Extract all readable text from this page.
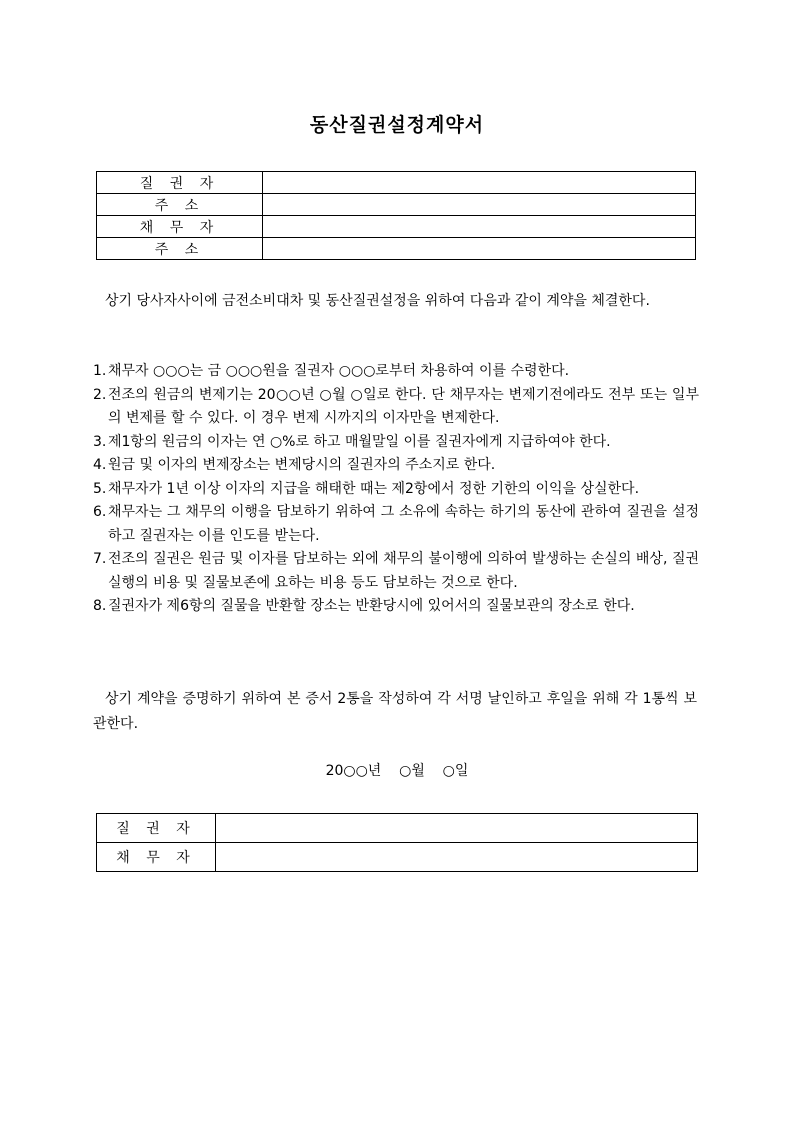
동산질권설정계약서
질 권 자	
주 소	
채 무 자	
주 소	
상기 당사자사이에 금전소비대차 및 동산질권설정을 위하여 다음과 같이 계약을 체결한다.
1. 채무자 ○○○는 금 ○○○원을 질권자 ○○○로부터 차용하여 이를 수령한다.
2. 전조의 원금의 변제기는 20○○년 ○월 ○일로 한다. 단 채무자는 변제기전에라도 전부 또는 일부의 변제를 할 수 있다. 이 경우 변제 시까지의 이자만을 변제한다.
3. 제1항의 원금의 이자는 연 ○%로 하고 매월말일 이를 질권자에게 지급하여야 한다.
4. 원금 및 이자의 변제장소는 변제당시의 질권자의 주소지로 한다.
5. 채무자가 1년 이상 이자의 지급을 해태한 때는 제2항에서 정한 기한의 이익을 상실한다.
6. 채무자는 그 채무의 이행을 담보하기 위하여 그 소유에 속하는 하기의 동산에 관하여 질권을 설정하고 질권자는 이를 인도를 받는다.
7. 전조의 질권은 원금 및 이자를 담보하는 외에 채무의 불이행에 의하여 발생하는 손실의 배상, 질권실행의 비용 및 질물보존에 요하는 비용 등도 담보하는 것으로 한다.
8. 질권자가 제6항의 질물을 반환할 장소는 반환당시에 있어서의 질물보관의 장소로 한다.
상기 계약을 증명하기 위하여 본 증서 2통을 작성하여 각 서명 날인하고 후일을 위해 각 1통씩 보관한다.
20○○년    ○월    ○일
질 권 자	
채 무 자	
